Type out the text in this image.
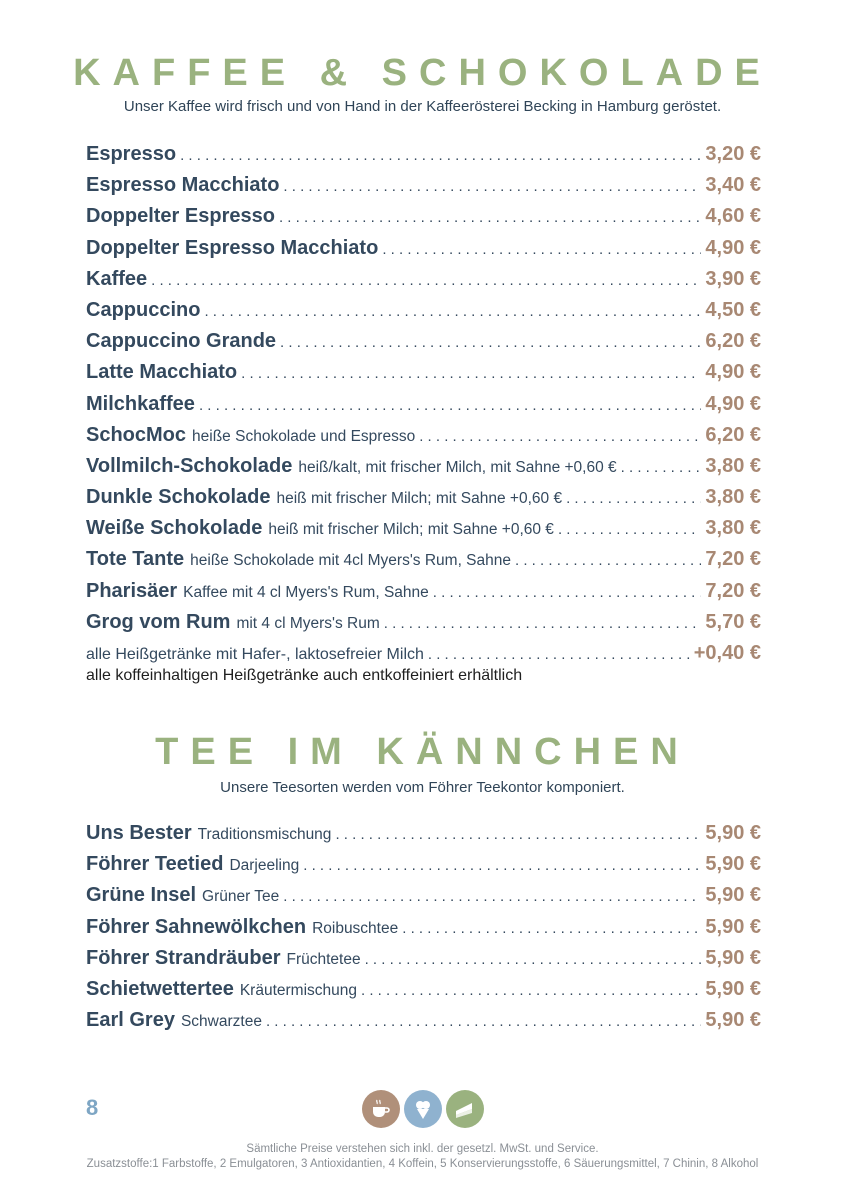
KAFFEE & SCHOKOLADE

Unser Kaffee wird frisch und von Hand in der Kaffeerösterei Becking in Hamburg geröstet.

Espresso . . .	3,20 €
Espresso Macchiato . . .	3,40 €
Doppelter Espresso . . .	4,60 €
Doppelter Espresso Macchiato . . .	4,90 €
Kaffee . . .	3,90 €
Cappuccino . . .	4,50 €
Cappuccino Grande . . .	6,20 €
Latte Macchiato . . .	4,90 €
Milchkaffee . . .	4,90 €
SchocMoc heiße Schokolade und Espresso . . .	6,20 €
Vollmilch-Schokolade heiß/kalt, mit frischer Milch, mit Sahne +0,60 € . . .	3,80 €
Dunkle Schokolade heiß mit frischer Milch; mit Sahne +0,60 € . . .	3,80 €
Weiße Schokolade heiß mit frischer Milch; mit Sahne +0,60 € . . .	3,80 €
Tote Tante heiße Schokolade mit 4cl Myers's Rum, Sahne . . .	7,20 €
Pharisäer Kaffee mit 4 cl Myers's Rum, Sahne . . .	7,20 €
Grog vom Rum mit 4 cl Myers's Rum . . .	5,70 €
alle Heißgetränke mit Hafer-, laktosefreier Milch . . .	+0,40 €
alle koffeinhaltigen Heißgetränke auch entkoffeiniert erhältlich
TEE IM KÄNNCHEN

Unsere Teesorten werden vom Föhrer Teekontor komponiert.

Uns Bester Traditionsmischung . . .	5,90 €
Föhrer Teetied Darjeeling . . .	5,90 €
Grüne Insel Grüner Tee . . .	5,90 €
Föhrer Sahnewölkchen Roibuschtee . . .	5,90 €
Föhrer Strandräuber Früchtetee . . .	5,90 €
Schietwettertee Kräutermischung . . .	5,90 €
Earl Grey Schwarztee . . .	5,90 €
8
Sämtliche Preise verstehen sich inkl. der gesetzl. MwSt. und Service.
Zusatzstoffe:1 Farbstoffe, 2 Emulgatoren, 3 Antioxidantien, 4 Koffein, 5 Konservierungsstoffe, 6 Säuerungsmittel, 7 Chinin, 8 Alkohol
